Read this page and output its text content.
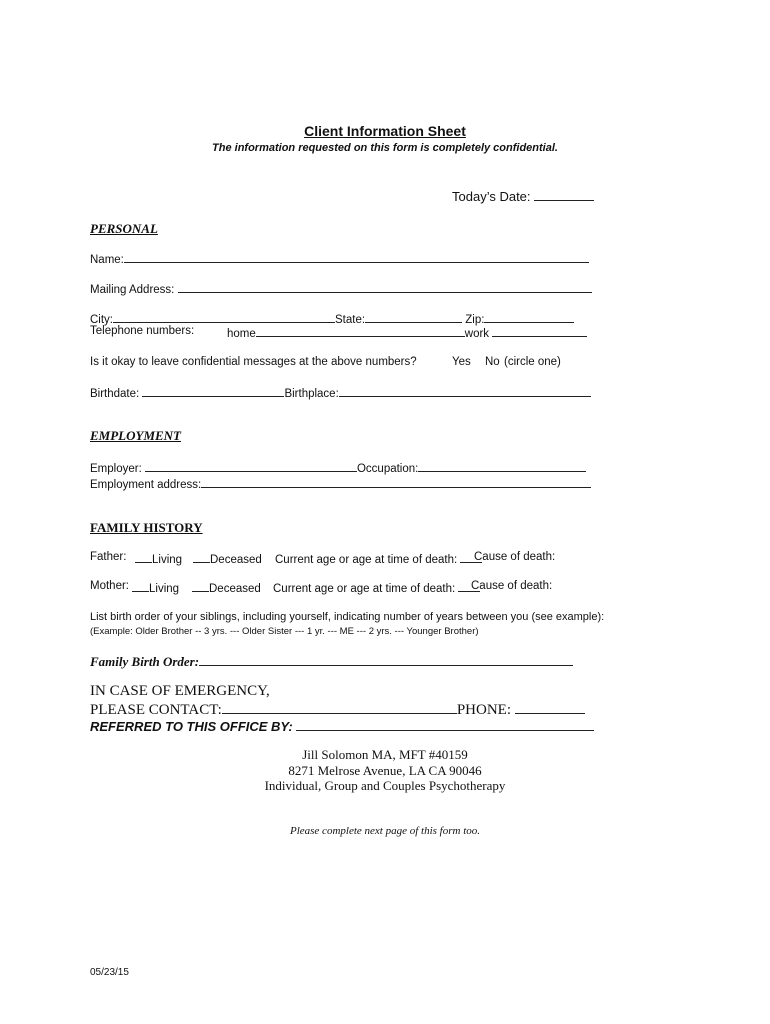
Client Information Sheet
The information requested on this form is completely confidential.
Today’s Date:
PERSONAL
Name:
Mailing Address:
City:	State:	Zip:
Telephone numbers:	home	work
Is it okay to leave confidential messages at the above numbers?	Yes No (circle one)
Birthdate:	Birthplace:
EMPLOYMENT
Employer:	Occupation:
Employment address:
FAMILY HISTORY
Father:	Living	Deceased Current age or age at time of death:	Cause of death:
Mother:	Living	Deceased Current age or age at time of death:	Cause of death:
List birth order of your siblings, including yourself, indicating number of years between you (see example):
(Example: Older Brother -- 3 yrs. --- Older Sister --- 1 yr. --- ME --- 2 yrs. --- Younger Brother)
Family Birth Order:
IN CASE OF EMERGENCY,
PLEASE CONTACT:	PHONE:
REFERRED TO THIS OFFICE BY:
Jill Solomon MA, MFT #40159
8271 Melrose Avenue, LA CA 90046
Individual, Group and Couples Psychotherapy
Please complete next page of this form too.
05/23/15
